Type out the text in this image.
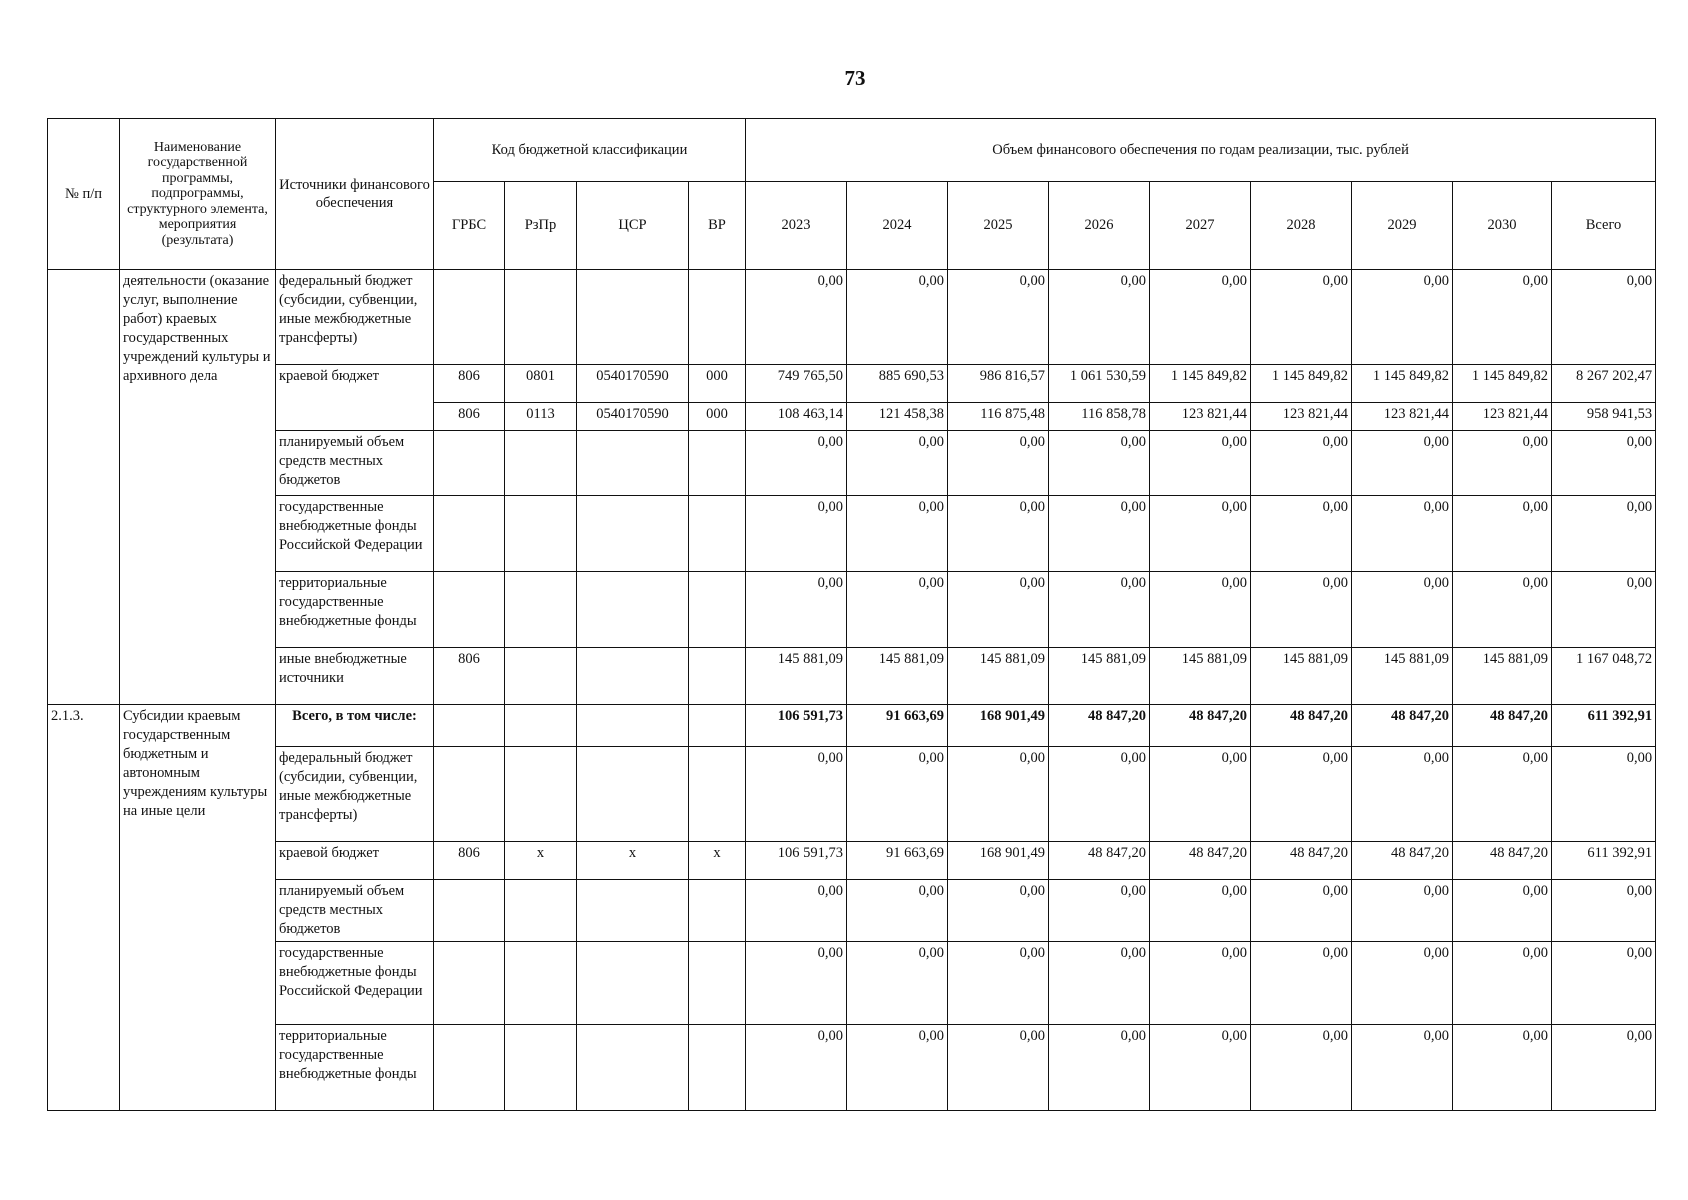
73
№ п/п	Наименование государственной программы, подпрограммы, структурного элемента, мероприятия (результата)	Источники финансового обеспечения	Код бюджетной классификации				Объем финансового обеспечения по годам реализации, тыс. рублей								
			ГРБС	РзПр	ЦСР	ВР	2023	2024	2025	2026	2027	2028	2029	2030	Всего
	деятельности (оказание услуг, выполнение работ) краевых государственных учреждений культуры и архивного дела	федеральный бюджет (субсидии, субвенции, иные межбюджетные трансферты)					0,00	0,00	0,00	0,00	0,00	0,00	0,00	0,00	0,00
		краевой бюджет	806	0801	0540170590	000	749 765,50	885 690,53	986 816,57	1 061 530,59	1 145 849,82	1 145 849,82	1 145 849,82	1 145 849,82	8 267 202,47
			806	0113	0540170590	000	108 463,14	121 458,38	116 875,48	116 858,78	123 821,44	123 821,44	123 821,44	123 821,44	958 941,53
		планируемый объем средств местных бюджетов					0,00	0,00	0,00	0,00	0,00	0,00	0,00	0,00	0,00
		государственные внебюджетные фонды Российской Федерации					0,00	0,00	0,00	0,00	0,00	0,00	0,00	0,00	0,00
		территориальные государственные внебюджетные фонды					0,00	0,00	0,00	0,00	0,00	0,00	0,00	0,00	0,00
		иные внебюджетные источники	806				145 881,09	145 881,09	145 881,09	145 881,09	145 881,09	145 881,09	145 881,09	145 881,09	1 167 048,72
2.1.3.	Субсидии краевым государственным бюджетным и автономным учреждениям культуры на иные цели	Всего, в том числе:					106 591,73	91 663,69	168 901,49	48 847,20	48 847,20	48 847,20	48 847,20	48 847,20	611 392,91
		федеральный бюджет (субсидии, субвенции, иные межбюджетные трансферты)					0,00	0,00	0,00	0,00	0,00	0,00	0,00	0,00	0,00
		краевой бюджет	806	х	х	х	106 591,73	91 663,69	168 901,49	48 847,20	48 847,20	48 847,20	48 847,20	48 847,20	611 392,91
		планируемый объем средств местных бюджетов					0,00	0,00	0,00	0,00	0,00	0,00	0,00	0,00	0,00
		государственные внебюджетные фонды Российской Федерации					0,00	0,00	0,00	0,00	0,00	0,00	0,00	0,00	0,00
		территориальные государственные внебюджетные фонды					0,00	0,00	0,00	0,00	0,00	0,00	0,00	0,00	0,00
